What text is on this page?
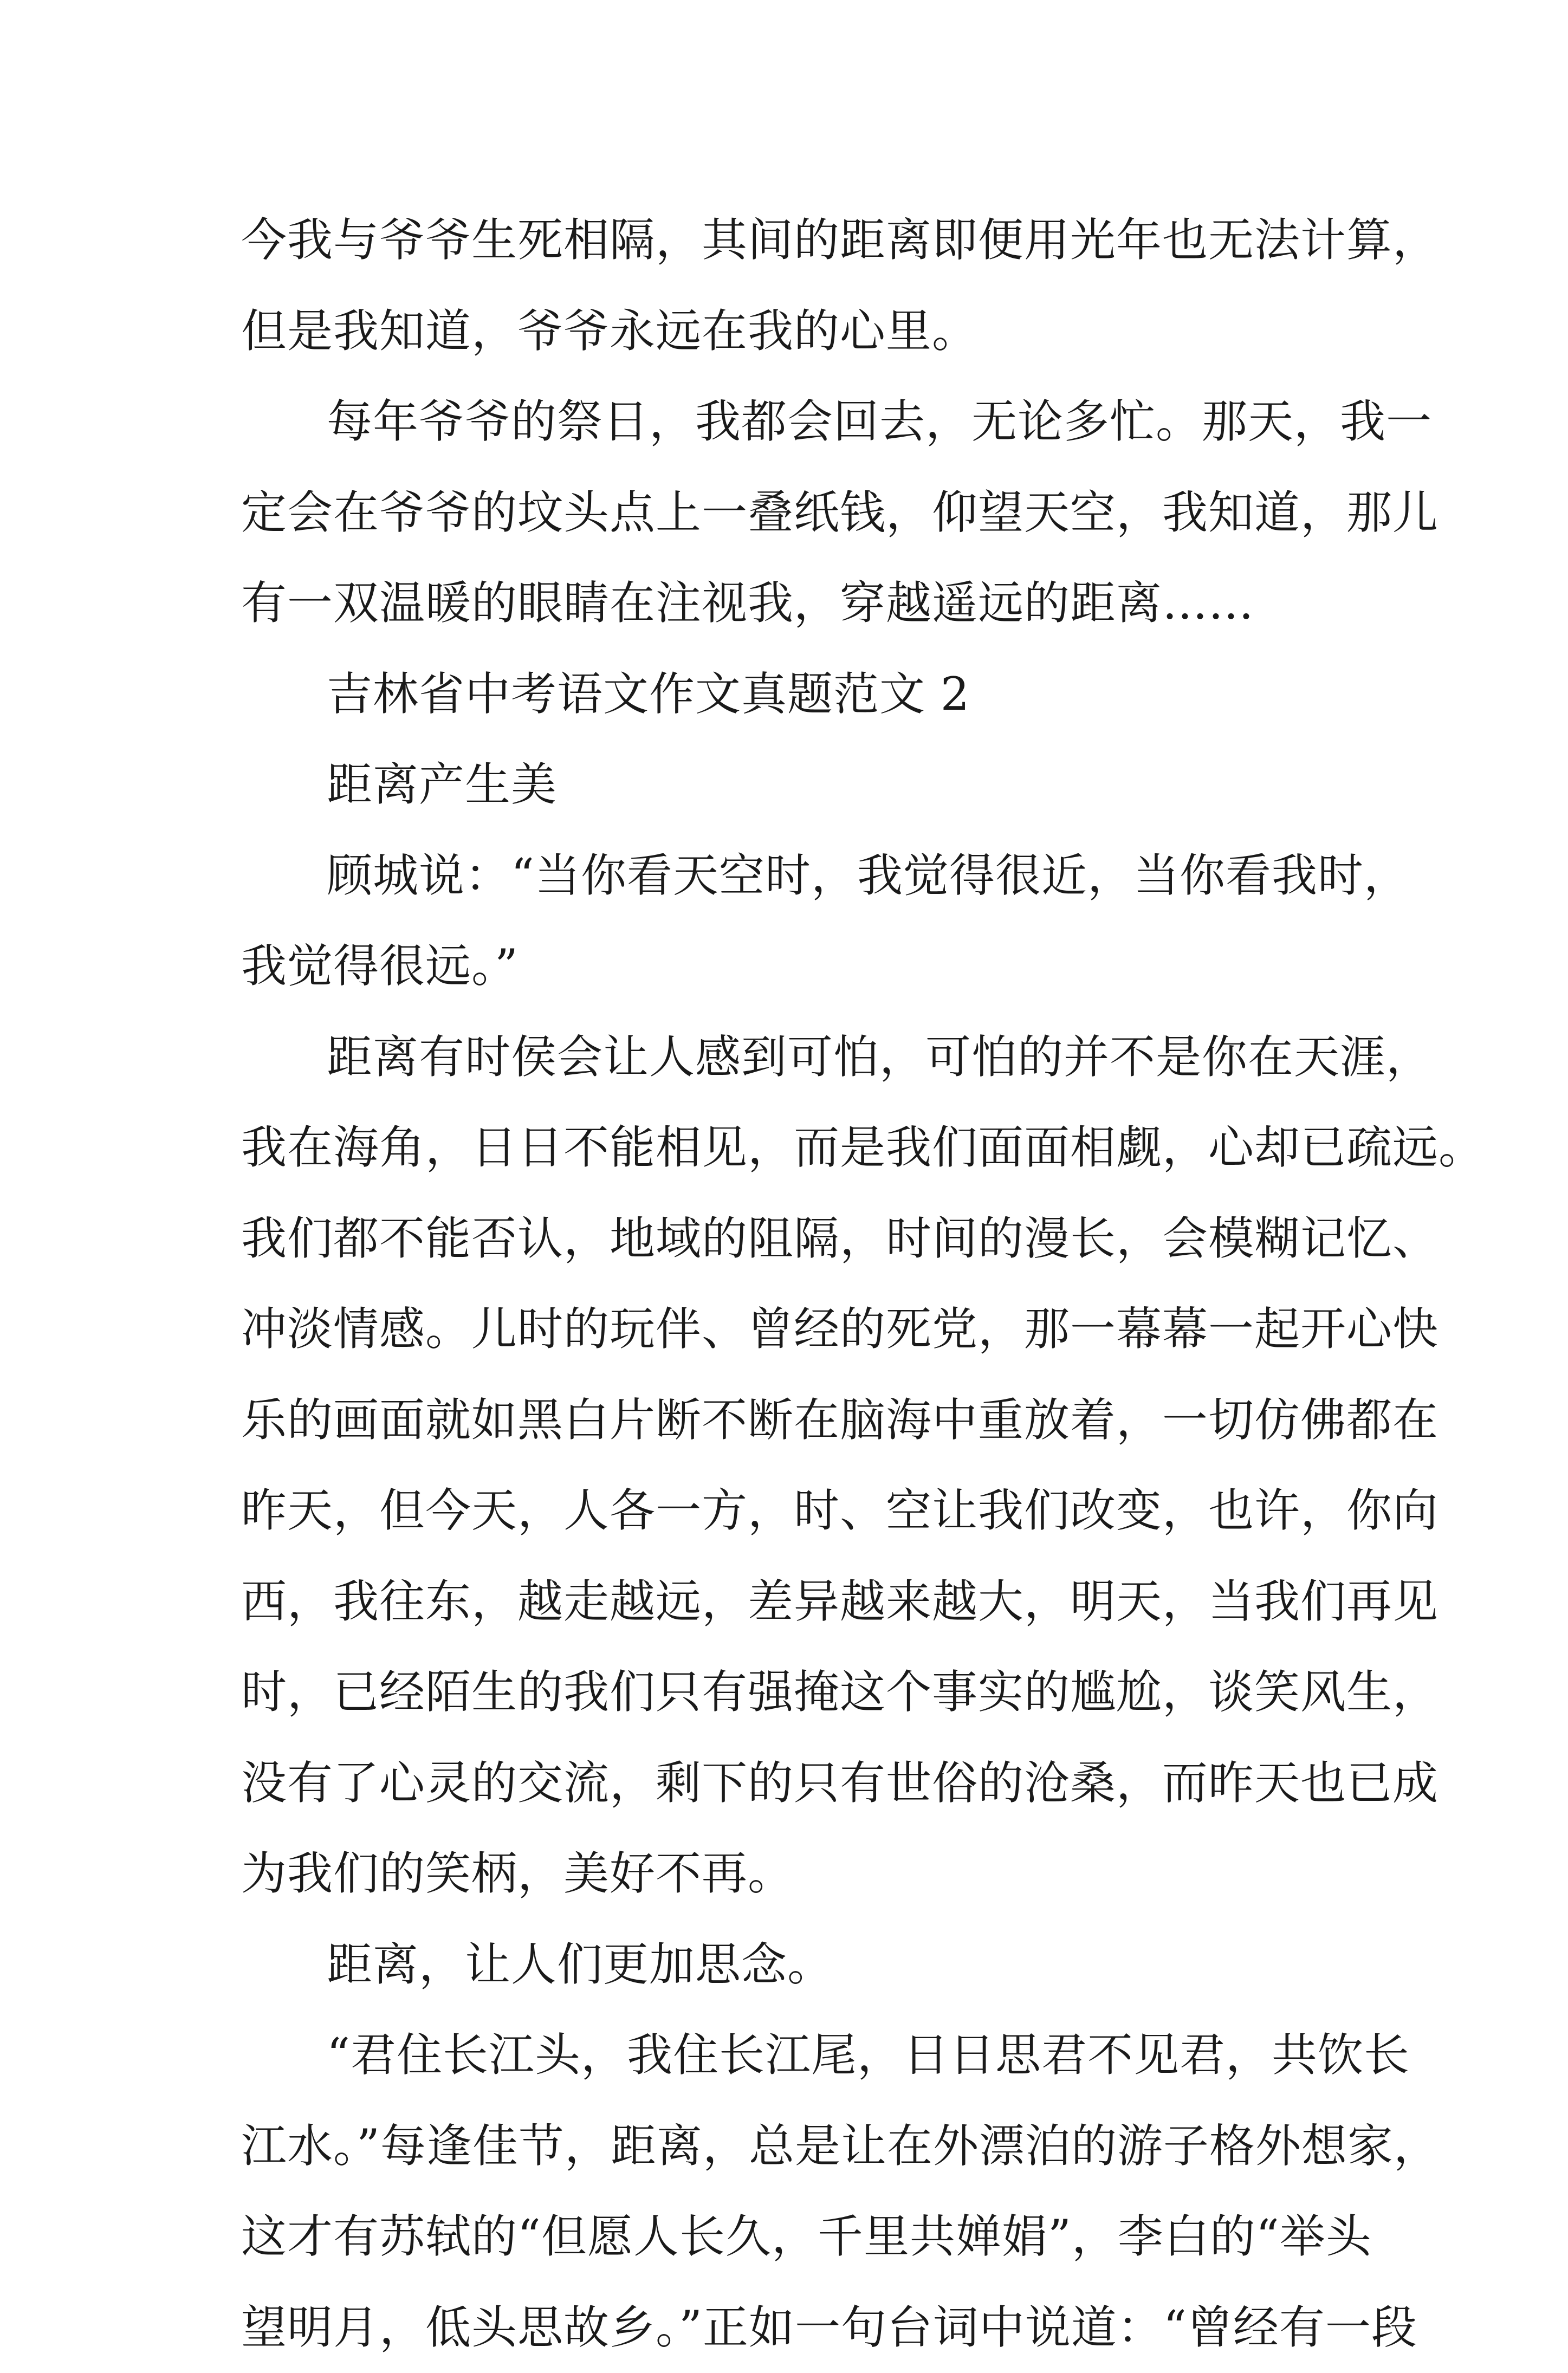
今我与爷爷生死相隔，其间的距离即便用光年也无法计算，
但是我知道，爷爷永远在我的心里。
每年爷爷的祭日，我都会回去，无论多忙。那天，我一
定会在爷爷的坟头点上一叠纸钱，仰望天空，我知道，那儿
有一双温暖的眼睛在注视我，穿越遥远的距离……
吉林省中考语文作文真题范文 2
距离产生美
顾城说：“当你看天空时，我觉得很近，当你看我时，
我觉得很远。”
距离有时侯会让人感到可怕，可怕的并不是你在天涯，
我在海角，日日不能相见，而是我们面面相觑，心却已疏远。
我们都不能否认，地域的阻隔，时间的漫长，会模糊记忆、
冲淡情感。儿时的玩伴、曾经的死党，那一幕幕一起开心快
乐的画面就如黑白片断不断在脑海中重放着，一切仿佛都在
昨天，但今天，人各一方，时、空让我们改变，也许，你向
西，我往东，越走越远，差异越来越大，明天，当我们再见
时，已经陌生的我们只有强掩这个事实的尴尬，谈笑风生，
没有了心灵的交流，剩下的只有世俗的沧桑，而昨天也已成
为我们的笑柄，美好不再。
距离，让人们更加思念。
“君住长江头，我住长江尾，日日思君不见君，共饮长
江水。”每逢佳节，距离，总是让在外漂泊的游子格外想家，
这才有苏轼的“但愿人长久，千里共婵娟”，李白的“举头
望明月，低头思故乡。”正如一句台词中说道：“曾经有一段
